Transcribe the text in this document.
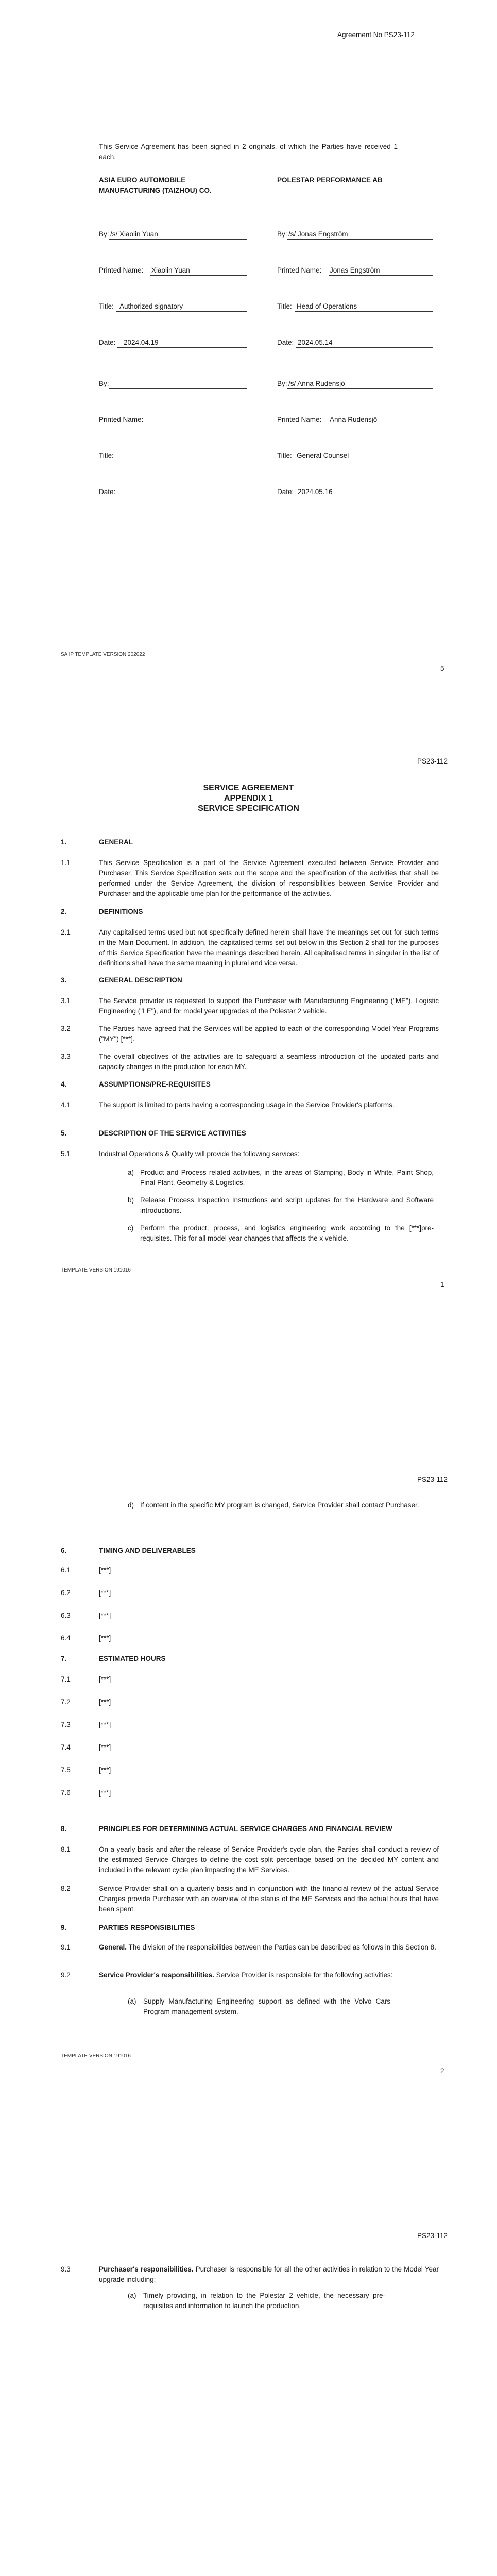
Agreement No PS23-112
This Service Agreement has been signed in 2 originals, of which the Parties have received 1 each.
ASIA EURO AUTOMOBILE
MANUFACTURING (TAIZHOU) CO.
POLESTAR PERFORMANCE AB
By: /s/ Xiaolin Yuan
Printed Name: Xiaolin Yuan
Title: Authorized signatory
Date: 2024.04.19
By: /s/ Jonas Engström
Printed Name: Jonas Engström
Title: Head of Operations
Date: 2024.05.14
By:
Printed Name:
Title:
Date:
By: /s/ Anna Rudensjö
Printed Name: Anna Rudensjö
Title: General Counsel
Date: 2024.05.16
SA IP TEMPLATE VERSION 202022
5
PS23-112
SERVICE AGREEMENT
APPENDIX 1
SERVICE SPECIFICATION
1.	GENERAL
1.1	This Service Specification is a part of the Service Agreement executed between Service Provider and Purchaser. This Service Specification sets out the scope and the specification of the activities that shall be performed under the Service Agreement, the division of responsibilities between Service Provider and Purchaser and the applicable time plan for the performance of the activities.
2.	DEFINITIONS
2.1	Any capitalised terms used but not specifically defined herein shall have the meanings set out for such terms in the Main Document. In addition, the capitalised terms set out below in this Section 2 shall for the purposes of this Service Specification have the meanings described herein. All capitalised terms in singular in the list of definitions shall have the same meaning in plural and vice versa.
3.	GENERAL DESCRIPTION
3.1	The Service provider is requested to support the Purchaser with Manufacturing Engineering ("ME"), Logistic Engineering ("LE"), and for model year upgrades of the Polestar 2 vehicle.
3.2	The Parties have agreed that the Services will be applied to each of the corresponding Model Year Programs ("MY") [***].
3.3	The overall objectives of the activities are to safeguard a seamless introduction of the updated parts and capacity changes in the production for each MY.
4.	ASSUMPTIONS/PRE-REQUISITES
4.1	The support is limited to parts having a corresponding usage in the Service Provider's platforms.
5.	DESCRIPTION OF THE SERVICE ACTIVITIES
5.1	Industrial Operations & Quality will provide the following services:
a) Product and Process related activities, in the areas of Stamping, Body in White, Paint Shop, Final Plant, Geometry & Logistics.
b) Release Process Inspection Instructions and script updates for the Hardware and Software introductions.
c) Perform the product, process, and logistics engineering work according to the [***]pre-requisites. This for all model year changes that affects the x vehicle.
TEMPLATE VERSION 191016
1
PS23-112
d) If content in the specific MY program is changed, Service Provider shall contact Purchaser.
6.	TIMING AND DELIVERABLES
6.1	[***]
6.2	[***]
6.3	[***]
6.4	[***]
7.	ESTIMATED HOURS
7.1	[***]
7.2	[***]
7.3	[***]
7.4	[***]
7.5	[***]
7.6	[***]
8.	PRINCIPLES FOR DETERMINING ACTUAL SERVICE CHARGES AND FINANCIAL REVIEW
8.1	On a yearly basis and after the release of Service Provider's cycle plan, the Parties shall conduct a review of the estimated Service Charges to define the cost split percentage based on the decided MY content and included in the relevant cycle plan impacting the ME Services.
8.2	Service Provider shall on a quarterly basis and in conjunction with the financial review of the actual Service Charges provide Purchaser with an overview of the status of the ME Services and the actual hours that have been spent.
9.	PARTIES RESPONSIBILITIES
9.1	General. The division of the responsibilities between the Parties can be described as follows in this Section 8.
9.2	Service Provider's responsibilities. Service Provider is responsible for the following activities:
(a) Supply Manufacturing Engineering support as defined with the Volvo Cars Program management system.
TEMPLATE VERSION 191016
2
PS23-112
9.3	Purchaser's responsibilities. Purchaser is responsible for all the other activities in relation to the Model Year upgrade including:
(a) Timely providing, in relation to the Polestar 2 vehicle, the necessary pre-requisites and information to launch the production.
